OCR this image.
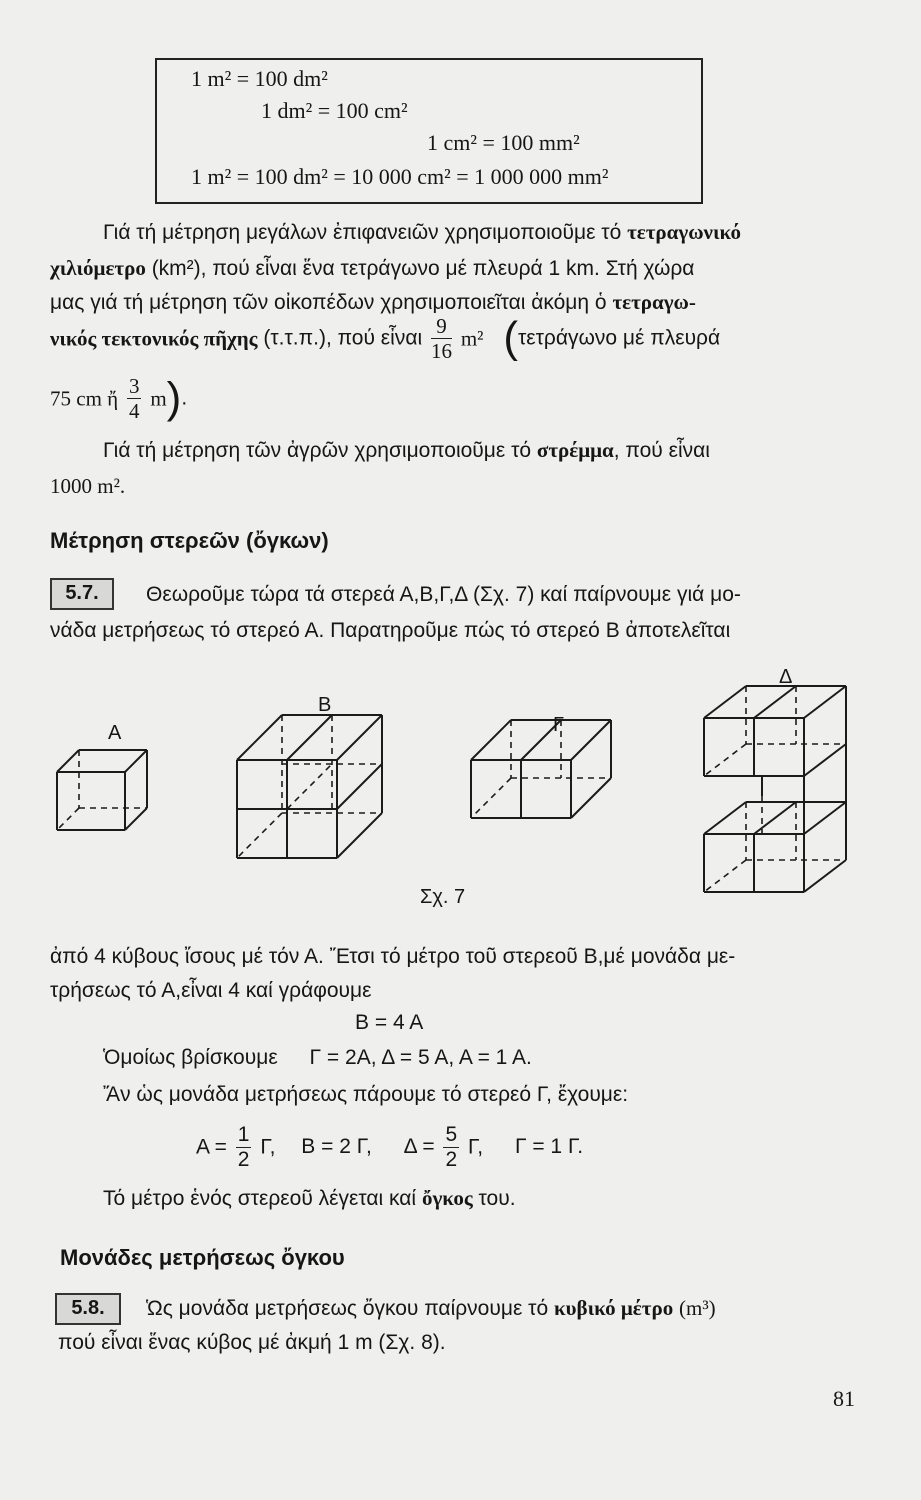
1 m² = 100 dm²
1 dm² = 100 cm²
1 cm² = 100 mm²
1 m² = 100 dm² = 10 000 cm² = 1 000 000 mm²
Γιά τή μέτρηση μεγάλων ἐπιφανειῶν χρησιμοποιοῦμε τό τετραγωνικό
χιλιόμετρο (km²), πού εἶναι ἕνα τετράγωνο μέ πλευρά 1 km. Στή χώρα
μας γιά τή μέτρηση τῶν οἰκοπέδων χρησιμοποιεῖται ἀκόμη ὁ τετραγω-
νικός τεκτονικός πῆχης (τ.τ.π.), πού εἶναι $\frac{9}{16} m^2$ (τετράγωνο μέ πλευρά
75 cm ἤ $\frac{3}{4} m$).
Γιά τή μέτρηση τῶν ἀγρῶν χρησιμοποιοῦμε τό στρέμμα, πού εἶναι
1000 m².
Μέτρηση στερεῶν (ὄγκων)
5.7.	Θεωροῦμε τώρα τά στερεά Α,Β,Γ,Δ (Σχ. 7) καί παίρνουμε γιά μο-
νάδα μετρήσεως τό στερεό Α. Παρατηροῦμε πώς τό στερεό Β ἀποτελεῖται
A
B
Γ
Δ
Σχ. 7
ἀπό 4 κύβους ἴσους μέ τόν Α. Ἔτσι τό μέτρο τοῦ στερεοῦ Β,μέ μονάδα με-
τρήσεως τό Α,εἶναι 4 καί γράφουμε
Β = 4 Α
Ὁμοίως βρίσκουμε Γ = 2Α, Δ = 5 Α, Α = 1 Α.
Ἄν ὡς μονάδα μετρήσεως πάρουμε τό στερεό Γ, ἔχουμε:
$A = \frac{1}{2} \Gamma$, Β = 2 Γ, $\Delta = \frac{5}{2} \Gamma$, Γ = 1 Γ.
Τό μέτρο ἑνός στερεοῦ λέγεται καί ὄγκος του.
Μονάδες μετρήσεως ὄγκου
5.8.	Ὡς μονάδα μετρήσεως ὄγκου παίρνουμε τό κυβικό μέτρο (m³)
πού εἶναι ἕνας κύβος μέ ἀκμή 1 m (Σχ. 8).
81
